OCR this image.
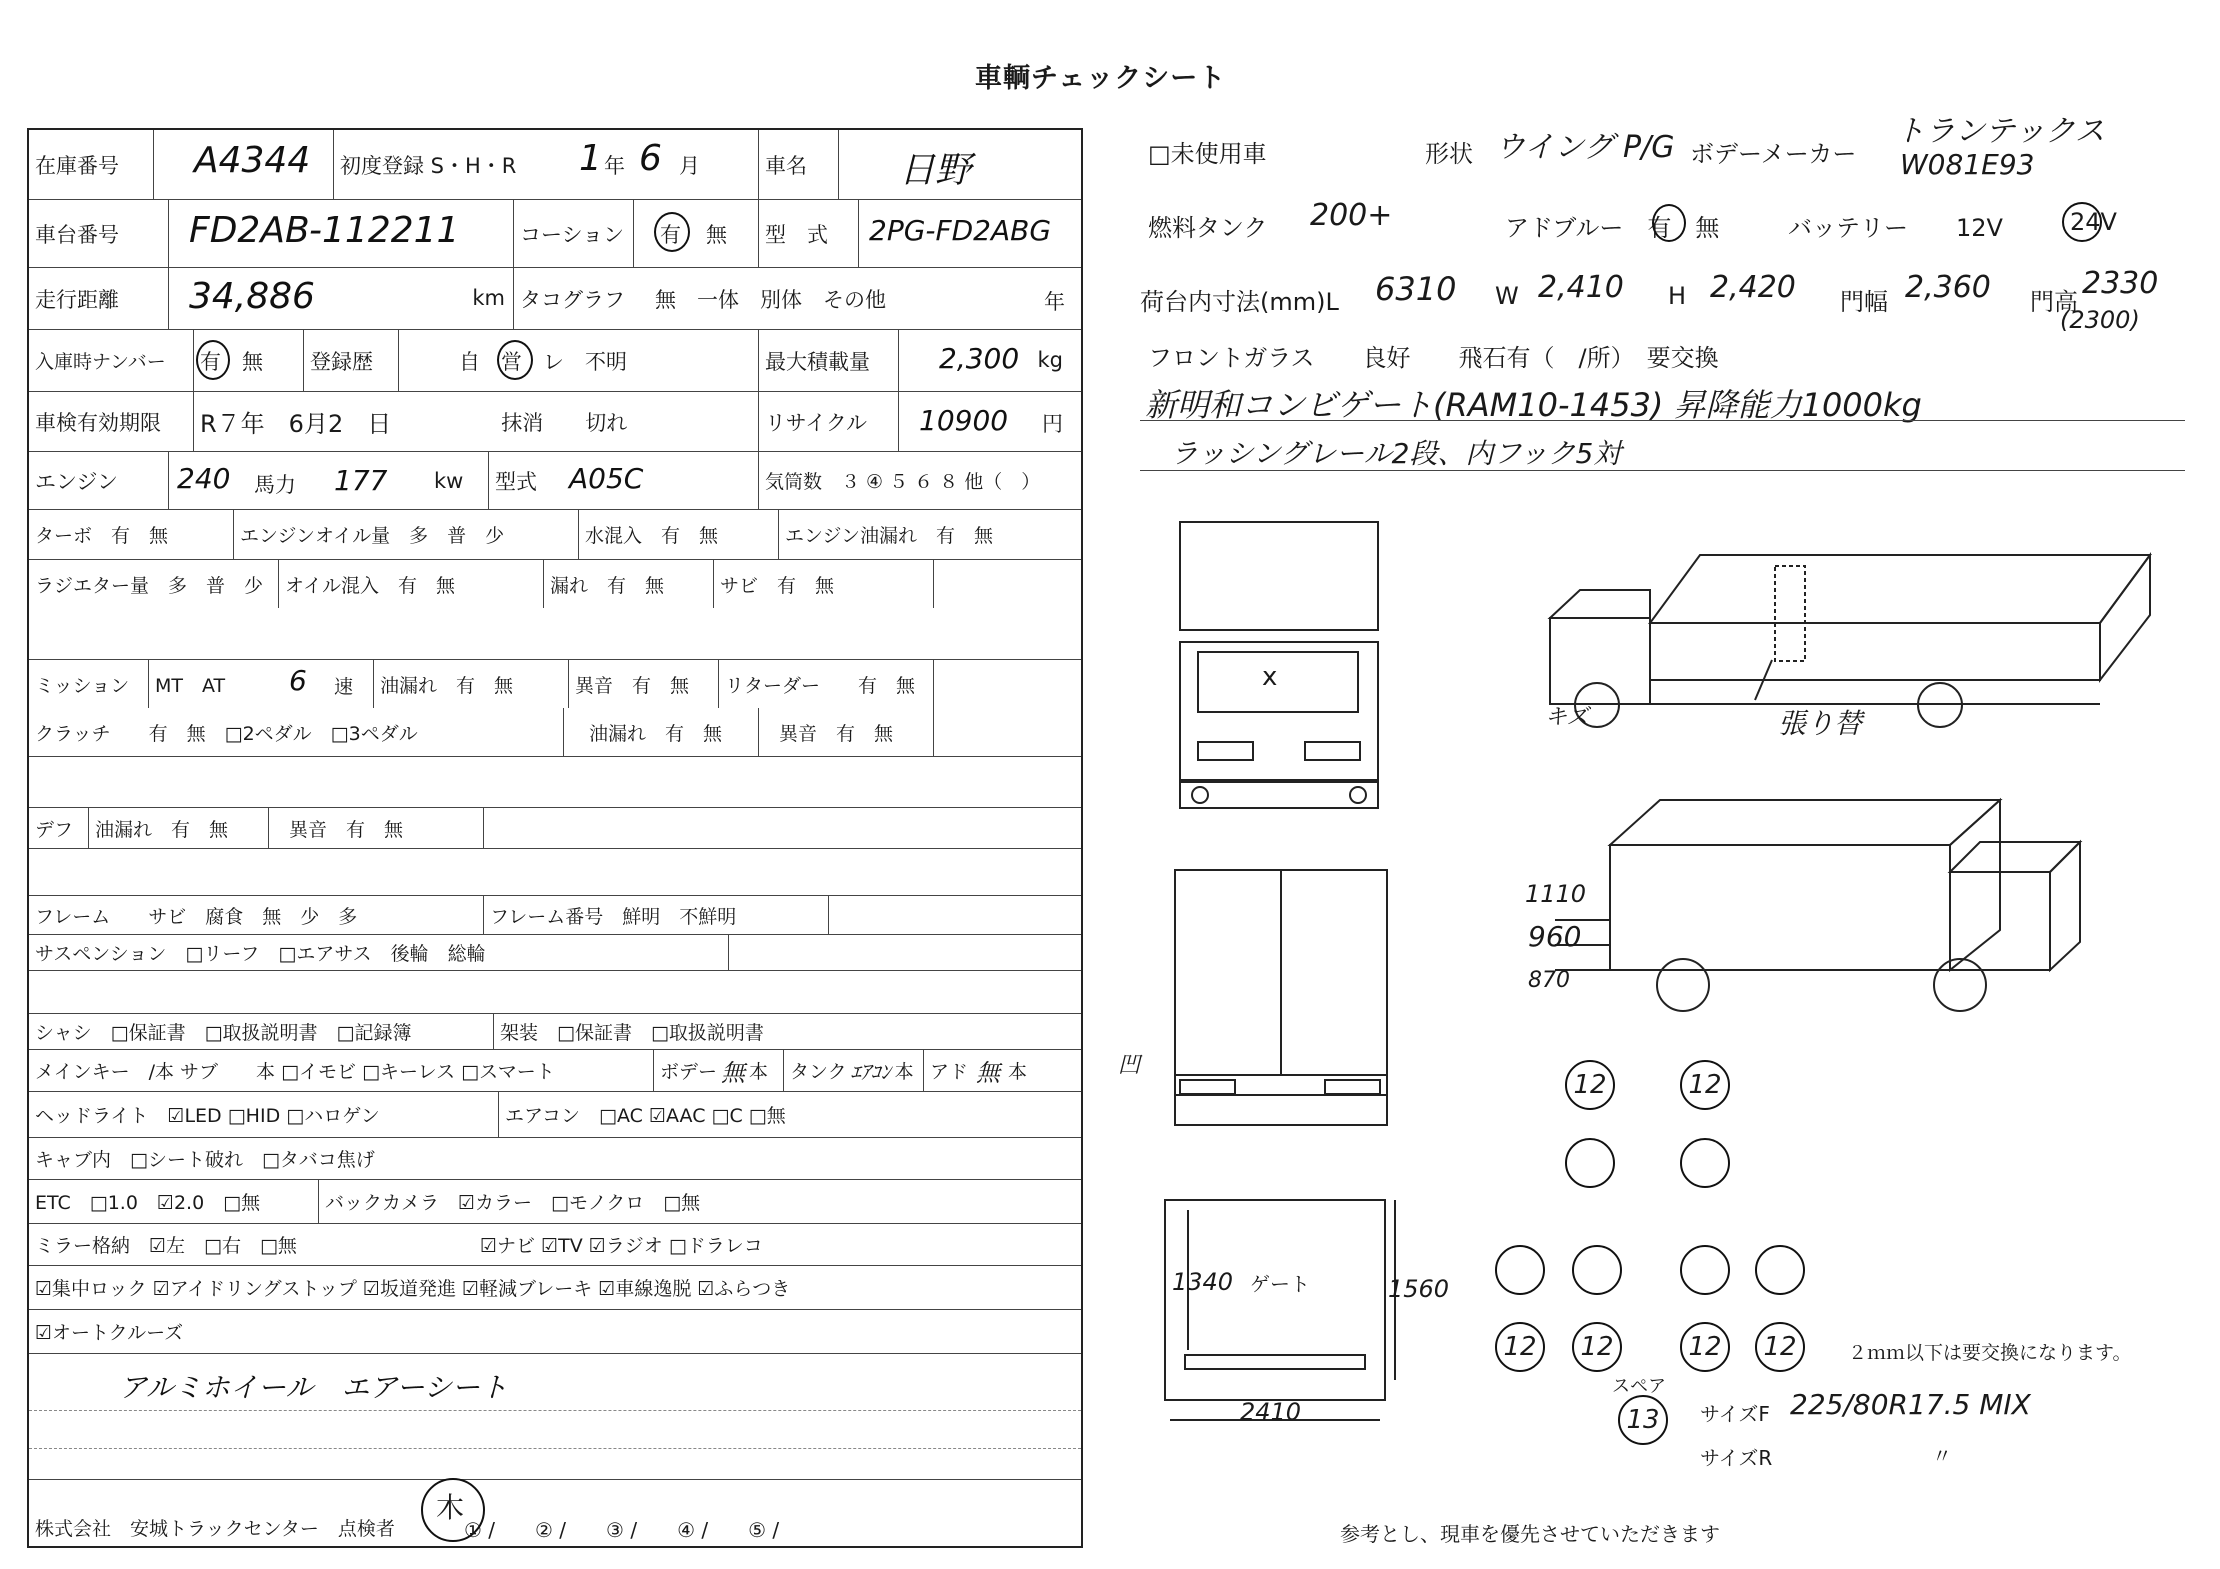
車輌チェックシート
在庫番号	A4344 初度登録 S・H・R 1 年 6 月	車名	日野
車台番号	FD2AB-112211	コーション	有 無 型　式	2PG-FD2ABG
走行距離	34,886	km タコグラフ 無　一体　別体　その他	年
入庫時ナンバー	有　無 登録歴	自　営　レ　不明	最大積載量	2,300 kg
車検有効期限	R７年　6月2　日	抹消　　切れ	リサイクル	10900 円
エンジン	240 馬力 177 kw 型式 A05C	気筒数　３ ④ ５ ６ ８ 他（　）
ターボ　有　無	エンジンオイル量　多　普　少	水混入　有　無	エンジン油漏れ　有　無
ラジエター量　多　普　少	オイル混入　有　無	漏れ　有　無	サビ　有　無
ミッション	MT　AT 6 速	油漏れ　有　無	異音　有　無	リターダー　　有　無
クラッチ　　有　無　□2ペダル　□3ペダル	油漏れ　有　無	異音　有　無
デフ	油漏れ　有　無	異音　有　無
フレーム　　サビ　腐食　無　少　多	フレーム番号　鮮明　不鮮明
サスペンション　□リーフ　□エアサス　後輪　総輪
シャシ　□保証書　□取扱説明書　□記録簿	架装　□保証書　□取扱説明書
メインキー　/本 サブ　　本 □イモビ □キーレス □スマート	ボデー 無 本 タンク ｴｱｺﾝ 本 アド 無 本
ヘッドライト　☑LED □HID □ハロゲン	エアコン　□AC ☑AAC □C □無
キャブ内　□シート破れ　□タバコ焦げ
ETC　□1.0　☑2.0　□無	バックカメラ　☑カラー　□モノクロ　□無
ミラー格納　☑左　□右　□無	☑ナビ ☑TV ☑ラジオ □ドラレコ
☑集中ロック ☑アイドリングストップ ☑坂道発進 ☑軽減ブレーキ ☑車線逸脱 ☑ふらつき
☑オートクルーズ
アルミホイール　エアーシート
株式会社　安城トラックセンター　点検者
木
① /　　② /　　③ /　　④ /　　⑤ /
□未使用車	形状 ウイング P/G ボデーメーカー
トランテックス
W081E93
燃料タンク 200+	アドブルー　有　無	バッテリー　　12V	24V
荷台内寸法(mm)L 6310 W 2,410 H 2,420 門幅 2,360 門高
2330
(2300)
フロントガラス　　良好　　飛石有（　/所）　要交換
新明和コンビゲート(RAM10-1453) 昇降能力1000kg
ラッシングレール2段、内フック5対
x
キズ	張り替
1110
960
870
凹
1340 ゲート	1560
2410
12	12
12	12	12	12	２ｍｍ以下は要交換になります。
スペア
13	サイズF 225/80R17.5 MIX
サイズR	〃
参考とし、現車を優先させていただきます
